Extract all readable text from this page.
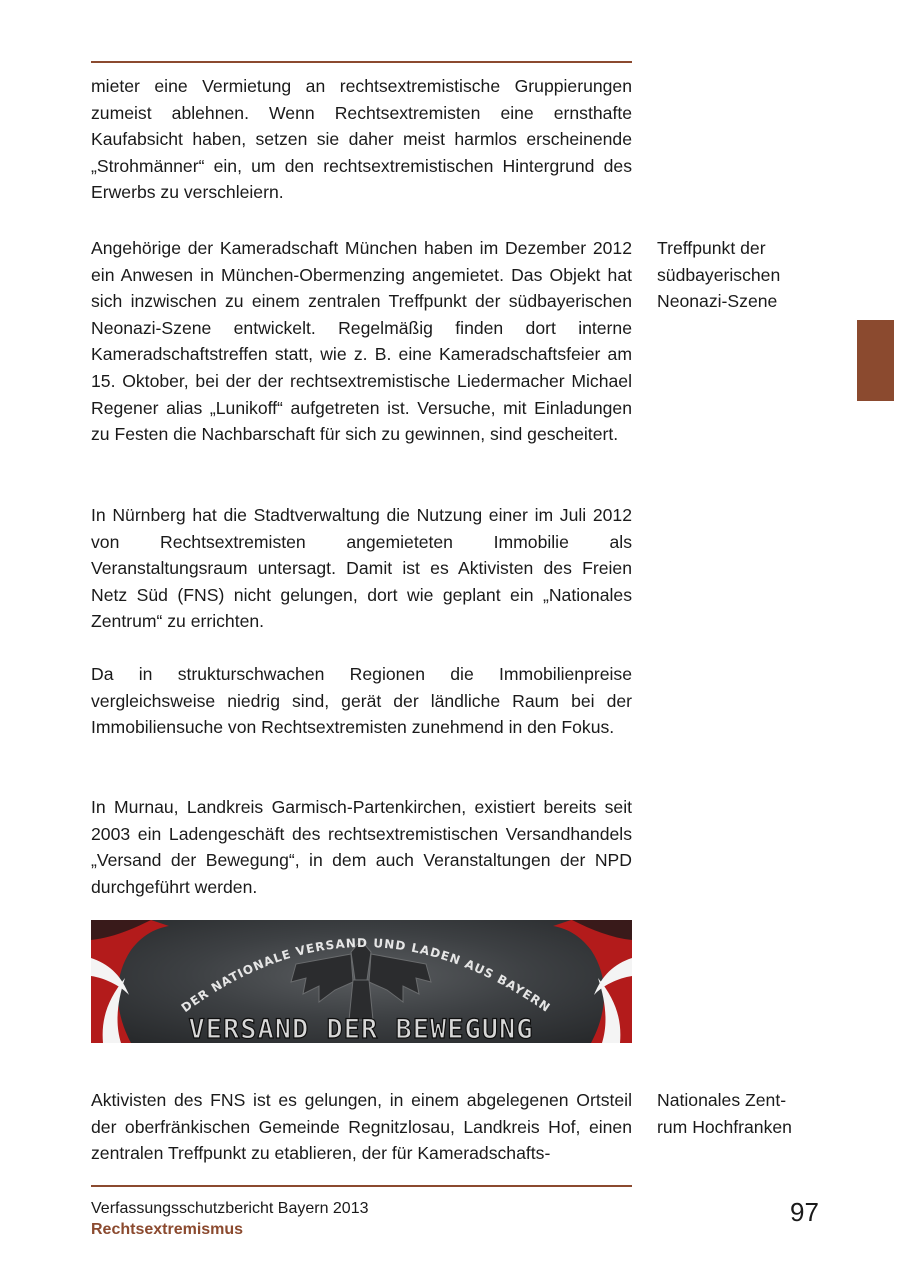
mieter eine Vermietung an rechtsextremistische Gruppierungen zumeist ablehnen. Wenn Rechtsextremisten eine ernsthafte Kaufabsicht haben, setzen sie daher meist harmlos erscheinende „Strohmänner“ ein, um den rechtsextremistischen Hintergrund des Erwerbs zu verschleiern.

Angehörige der Kameradschaft München haben im Dezember 2012 ein Anwesen in München-Obermenzing angemietet. Das Objekt hat sich inzwischen zu einem zentralen Treffpunkt der südbayerischen Neonazi-Szene entwickelt. Regelmäßig finden dort interne Kameradschaftstreffen statt, wie z. B. eine Kameradschaftsfeier am 15. Oktober, bei der der rechtsextremistische Liedermacher Michael Regener alias „Lunikoff“ aufgetreten ist. Versuche, mit Einladungen zu Festen die Nachbarschaft für sich zu gewinnen, sind gescheitert.

Treffpunkt der
südbayerischen
Neonazi-Szene

In Nürnberg hat die Stadtverwaltung die Nutzung einer im Juli 2012 von Rechtsextremisten angemieteten Immobilie als Veranstaltungsraum untersagt. Damit ist es Aktivisten des Freien Netz Süd (FNS) nicht gelungen, dort wie geplant ein „Nationales Zentrum“ zu errichten.

Da in strukturschwachen Regionen die Immobilienpreise vergleichsweise niedrig sind, gerät der ländliche Raum bei der Immobiliensuche von Rechtsextremisten zunehmend in den Fokus.

In Murnau, Landkreis Garmisch-Partenkirchen, existiert bereits seit 2003 ein Ladengeschäft des rechtsextremistischen Versandhandels „Versand der Bewegung“, in dem auch Veranstaltungen der NPD durchgeführt werden.

DER NATIONALE VERSAND UND LADEN AUS BAYERN
VERSAND DER BEWEGUNG

Aktivisten des FNS ist es gelungen, in einem abgelegenen Ortsteil der oberfränkischen Gemeinde Regnitzlosau, Landkreis Hof, einen zentralen Treffpunkt zu etablieren, der für Kameradschafts-

Nationales Zent-
rum Hochfranken
Verfassungsschutzbericht Bayern 2013
Rechtsextremismus
97
